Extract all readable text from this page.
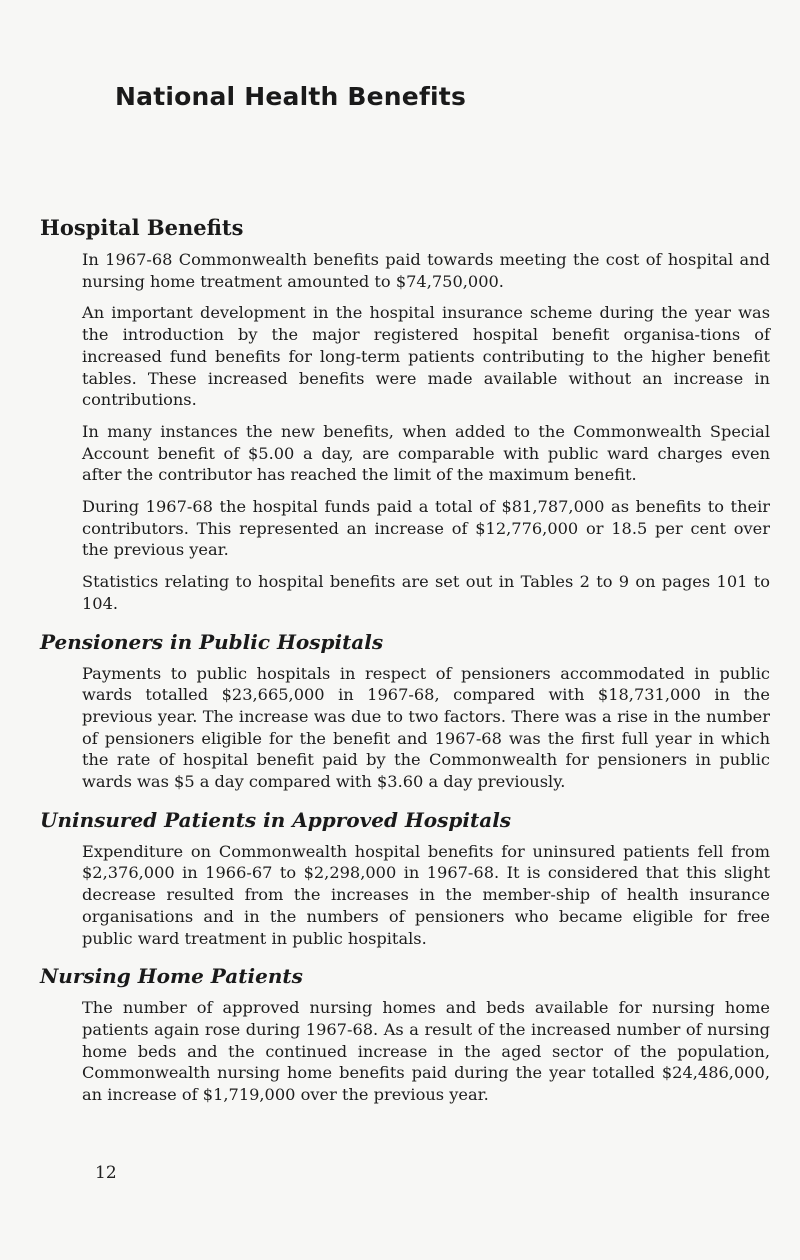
National Health Benefits
Hospital Benefits

In 1967-68 Commonwealth benefits paid towards meeting the cost of hospital and nursing home treatment amounted to $74,750,000.

An important development in the hospital insurance scheme during the year was the introduction by the major registered hospital benefit organisa-tions of increased fund benefits for long-term patients contributing to the higher benefit tables. These increased benefits were made available without an increase in contributions.

In many instances the new benefits, when added to the Commonwealth Special Account benefit of $5.00 a day, are comparable with public ward charges even after the contributor has reached the limit of the maximum benefit.

During 1967-68 the hospital funds paid a total of $81,787,000 as benefits to their contributors. This represented an increase of $12,776,000 or 18.5 per cent over the previous year.

Statistics relating to hospital benefits are set out in Tables 2 to 9 on pages 101 to 104.

Pensioners in Public Hospitals

Payments to public hospitals in respect of pensioners accommodated in public wards totalled $23,665,000 in 1967-68, compared with $18,731,000 in the previous year. The increase was due to two factors. There was a rise in the number of pensioners eligible for the benefit and 1967-68 was the first full year in which the rate of hospital benefit paid by the Commonwealth for pensioners in public wards was $5 a day compared with $3.60 a day previously.

Uninsured Patients in Approved Hospitals

Expenditure on Commonwealth hospital benefits for uninsured patients fell from $2,376,000 in 1966-67 to $2,298,000 in 1967-68. It is considered that this slight decrease resulted from the increases in the member-ship of health insurance organisations and in the numbers of pensioners who became eligible for free public ward treatment in public hospitals.

Nursing Home Patients

The number of approved nursing homes and beds available for nursing home patients again rose during 1967-68. As a result of the increased number of nursing home beds and the continued increase in the aged sector of the population, Commonwealth nursing home benefits paid during the year totalled $24,486,000, an increase of $1,719,000 over the previous year.

12
